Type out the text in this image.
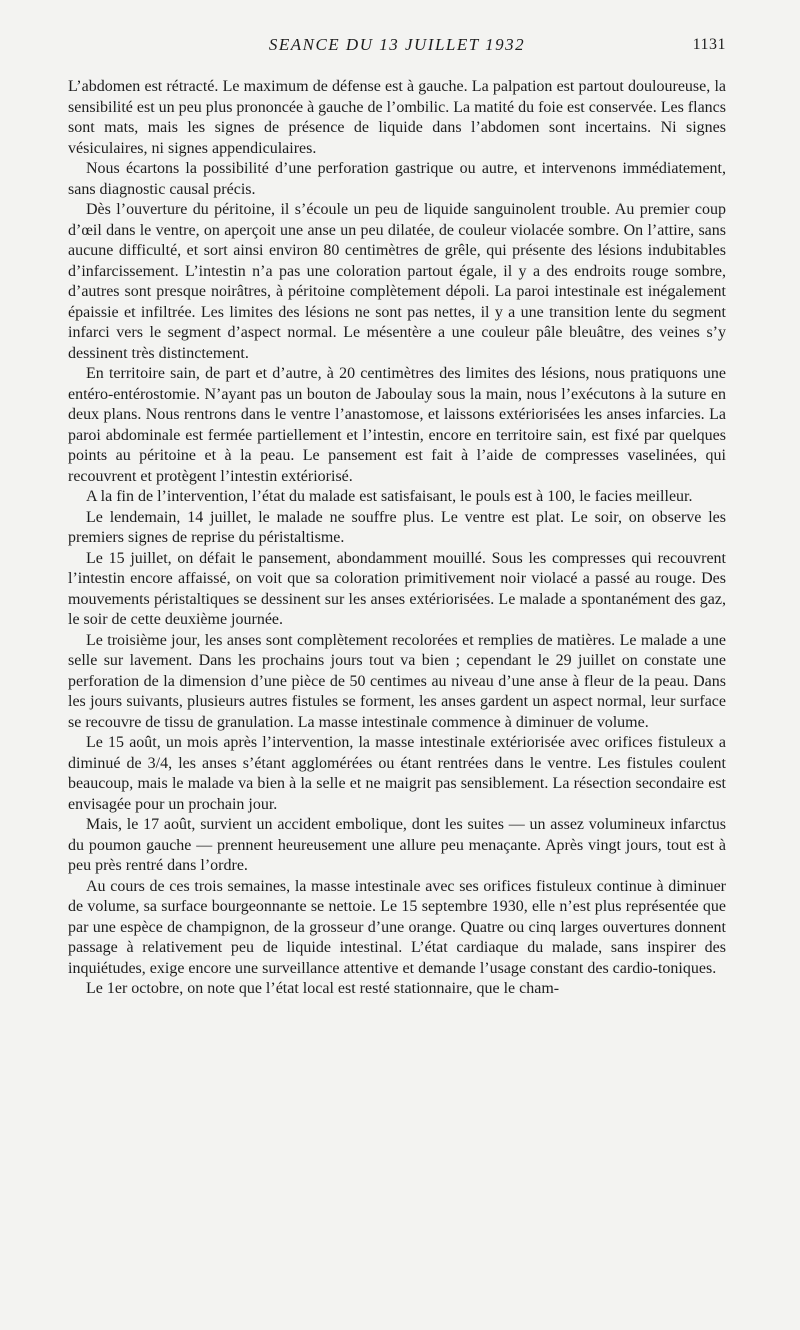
SEANCE DU 13 JUILLET 1932	1131

L’abdomen est rétracté. Le maximum de défense est à gauche. La palpation est partout douloureuse, la sensibilité est un peu plus prononcée à gauche de l’ombilic. La matité du foie est conservée. Les flancs sont mats, mais les signes de présence de liquide dans l’abdomen sont incertains. Ni signes vésiculaires, ni signes appendiculaires.

Nous écartons la possibilité d’une perforation gastrique ou autre, et intervenons immédiatement, sans diagnostic causal précis.

Dès l’ouverture du péritoine, il s’écoule un peu de liquide sanguinolent trouble. Au premier coup d’œil dans le ventre, on aperçoit une anse un peu dilatée, de couleur violacée sombre. On l’attire, sans aucune difficulté, et sort ainsi environ 80 centimètres de grêle, qui présente des lésions indubitables d’infarcissement. L’intestin n’a pas une coloration partout égale, il y a des endroits rouge sombre, d’autres sont presque noirâtres, à péritoine complètement dépoli. La paroi intestinale est inégalement épaissie et infiltrée. Les limites des lésions ne sont pas nettes, il y a une transition lente du segment infarci vers le segment d’aspect normal. Le mésentère a une couleur pâle bleuâtre, des veines s’y dessinent très distinctement.

En territoire sain, de part et d’autre, à 20 centimètres des limites des lésions, nous pratiquons une entéro-entérostomie. N’ayant pas un bouton de Jaboulay sous la main, nous l’exécutons à la suture en deux plans. Nous rentrons dans le ventre l’anastomose, et laissons extériorisées les anses infarcies. La paroi abdominale est fermée partiellement et l’intestin, encore en territoire sain, est fixé par quelques points au péritoine et à la peau. Le pansement est fait à l’aide de compresses vaselinées, qui recouvrent et protègent l’intestin extériorisé.

A la fin de l’intervention, l’état du malade est satisfaisant, le pouls est à 100, le facies meilleur.

Le lendemain, 14 juillet, le malade ne souffre plus. Le ventre est plat. Le soir, on observe les premiers signes de reprise du péristaltisme.

Le 15 juillet, on défait le pansement, abondamment mouillé. Sous les compresses qui recouvrent l’intestin encore affaissé, on voit que sa coloration primitivement noir violacé a passé au rouge. Des mouvements péristaltiques se dessinent sur les anses extériorisées. Le malade a spontanément des gaz, le soir de cette deuxième journée.

Le troisième jour, les anses sont complètement recolorées et remplies de matières. Le malade a une selle sur lavement. Dans les prochains jours tout va bien ; cependant le 29 juillet on constate une perforation de la dimension d’une pièce de 50 centimes au niveau d’une anse à fleur de la peau. Dans les jours suivants, plusieurs autres fistules se forment, les anses gardent un aspect normal, leur surface se recouvre de tissu de granulation. La masse intestinale commence à diminuer de volume.

Le 15 août, un mois après l’intervention, la masse intestinale extériorisée avec orifices fistuleux a diminué de 3/4, les anses s’étant agglomérées ou étant rentrées dans le ventre. Les fistules coulent beaucoup, mais le malade va bien à la selle et ne maigrit pas sensiblement. La résection secondaire est envisagée pour un prochain jour.

Mais, le 17 août, survient un accident embolique, dont les suites — un assez volumineux infarctus du poumon gauche — prennent heureusement une allure peu menaçante. Après vingt jours, tout est à peu près rentré dans l’ordre.

Au cours de ces trois semaines, la masse intestinale avec ses orifices fistuleux continue à diminuer de volume, sa surface bourgeonnante se nettoie. Le 15 septembre 1930, elle n’est plus représentée que par une espèce de champignon, de la grosseur d’une orange. Quatre ou cinq larges ouvertures donnent passage à relativement peu de liquide intestinal. L’état cardiaque du malade, sans inspirer des inquiétudes, exige encore une surveillance attentive et demande l’usage constant des cardio-toniques.

Le 1er octobre, on note que l’état local est resté stationnaire, que le cham-
